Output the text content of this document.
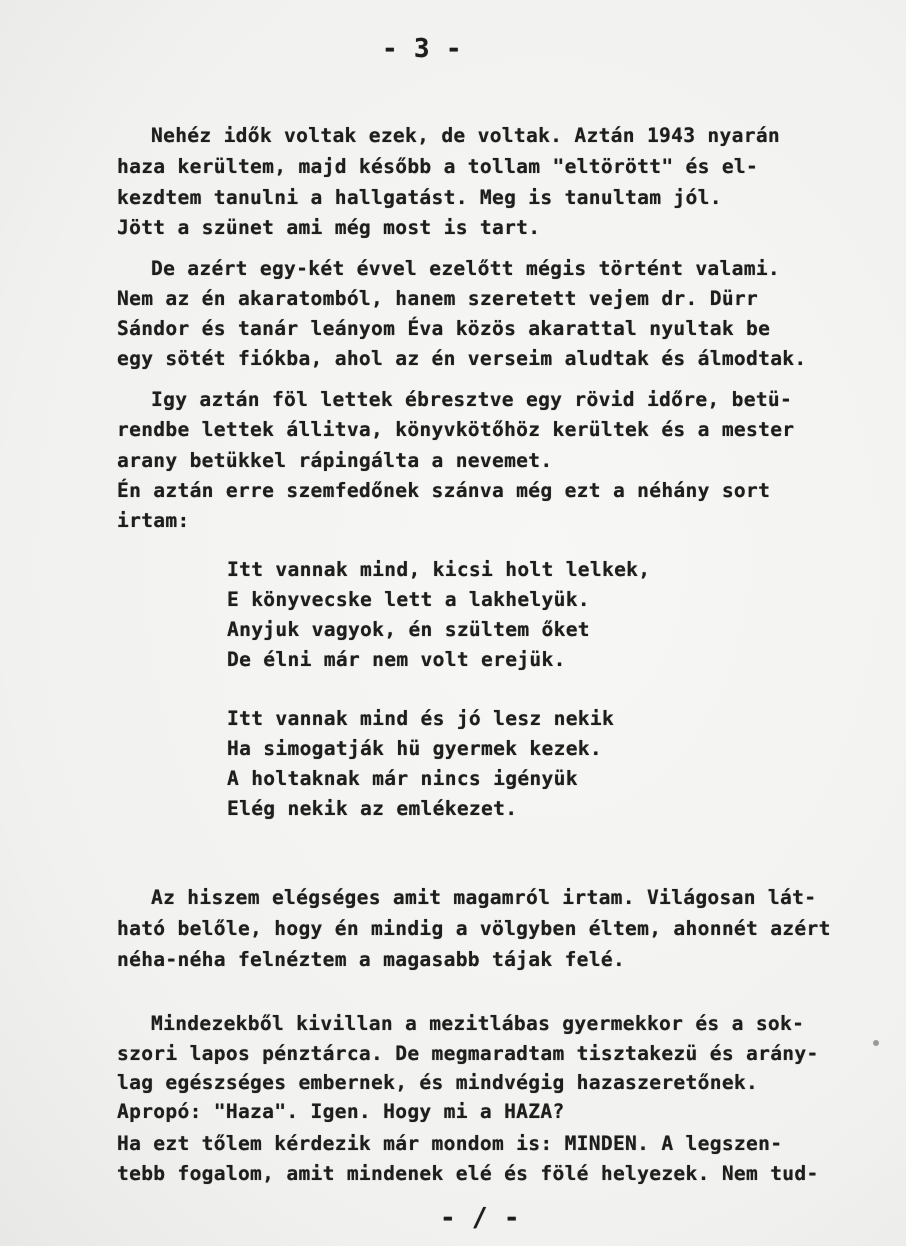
- 3 -
Nehéz idők voltak ezek, de voltak. Aztán 1943 nyarán
haza kerültem, majd később a tollam "eltörött" és el-
kezdtem tanulni a hallgatást. Meg is tanultam jól.
Jött a szünet ami még most is tart.
De azért egy-két évvel ezelőtt mégis történt valami.
Nem az én akaratomból, hanem szeretett vejem dr. Dürr
Sándor és tanár leányom Éva közös akarattal nyultak be
egy sötét fiókba, ahol az én verseim aludtak és álmodtak.
Igy aztán föl lettek ébresztve egy rövid időre, betü-
rendbe lettek állitva, könyvkötőhöz kerültek és a mester
arany betükkel rápingálta a nevemet.
Én aztán erre szemfedőnek szánva még ezt a néhány sort
irtam:
Itt vannak mind, kicsi holt lelkek,
E könyvecske lett a lakhelyük.
Anyjuk vagyok, én szültem őket
De élni már nem volt erejük.
Itt vannak mind és jó lesz nekik
Ha simogatják hü gyermek kezek.
A holtaknak már nincs igényük
Elég nekik az emlékezet.
Az hiszem elégséges amit magamról irtam. Világosan lát-
ható belőle, hogy én mindig a völgyben éltem, ahonnét azért
néha-néha felnéztem a magasabb tájak felé.
Mindezekből kivillan a mezitlábas gyermekkor és a sok-
szori lapos pénztárca. De megmaradtam tisztakezü és arány-
lag egészséges embernek, és mindvégig hazaszeretőnek.
Apropó: "Haza". Igen. Hogy mi a HAZA?
Ha ezt tőlem kérdezik már mondom is: MINDEN. A legszen-
tebb fogalom, amit mindenek elé és fölé helyezek. Nem tud-
- / -
